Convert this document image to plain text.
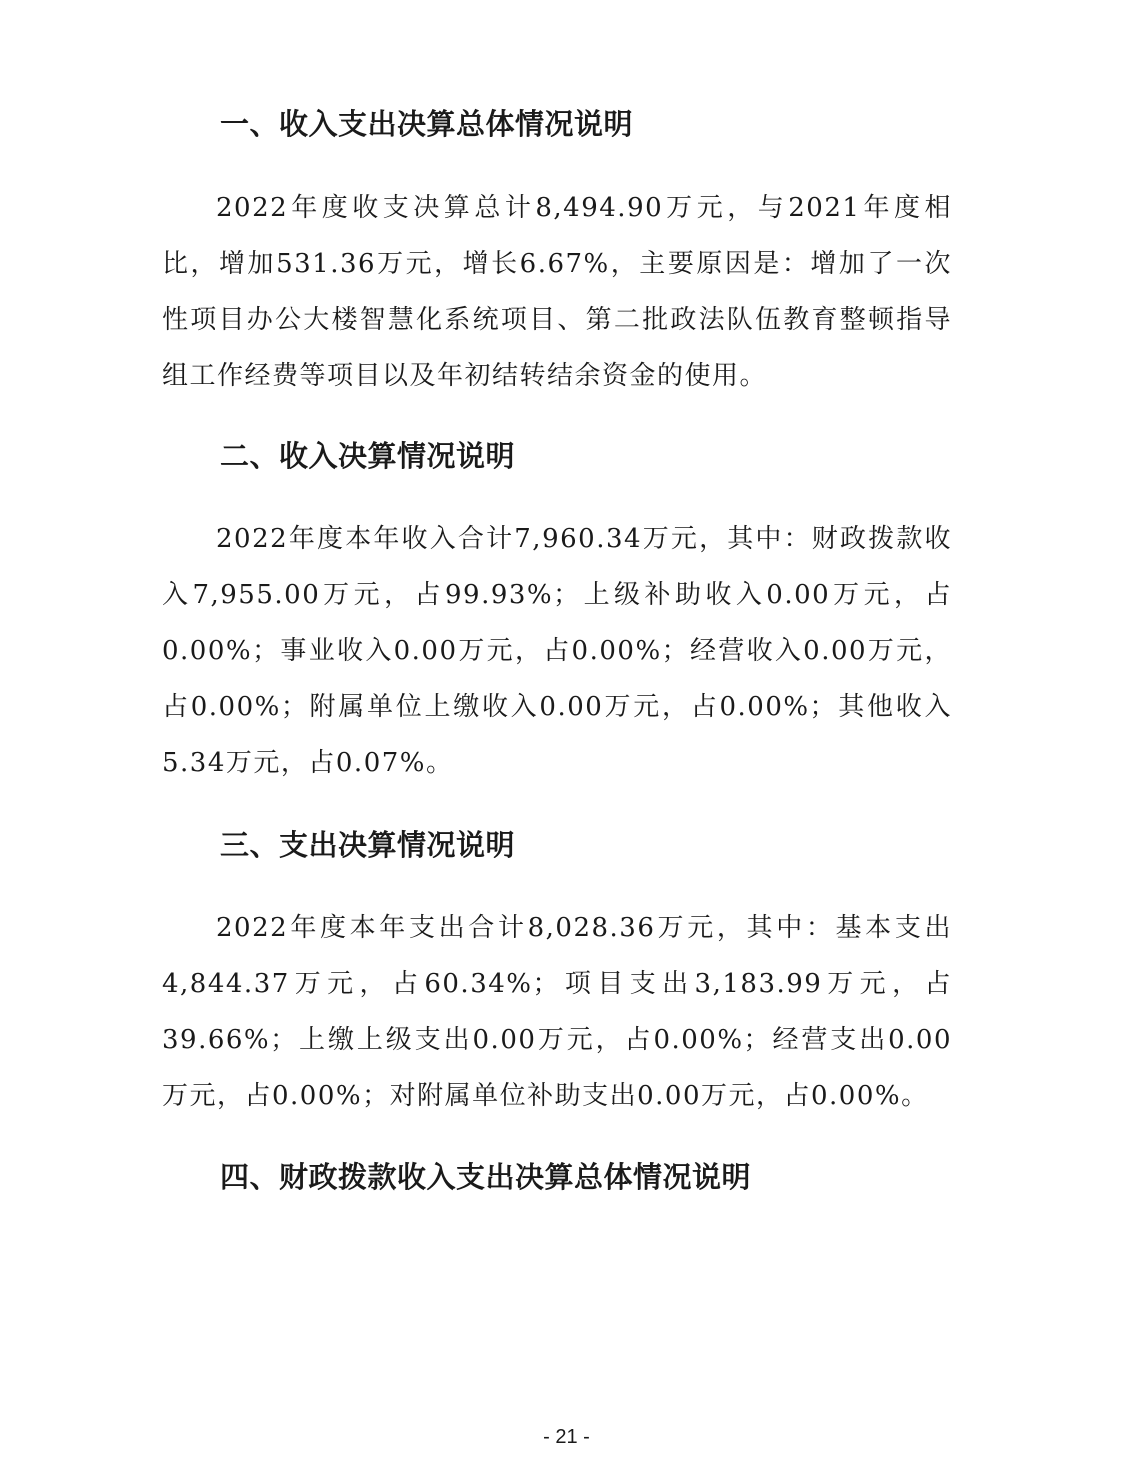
一、收入支出决算总体情况说明

2022年度收支决算总计8,494.90万元，与2021年度相比，增加531.36万元，增长6.67%，主要原因是：增加了一次性项目办公大楼智慧化系统项目、第二批政法队伍教育整顿指导组工作经费等项目以及年初结转结余资金的使用。

二、收入决算情况说明

2022年度本年收入合计7,960.34万元，其中：财政拨款收入7,955.00万元，占99.93%；上级补助收入0.00万元，占0.00%；事业收入0.00万元，占0.00%；经营收入0.00万元，占0.00%；附属单位上缴收入0.00万元，占0.00%；其他收入5.34万元，占0.07%。

三、支出决算情况说明

2022年度本年支出合计8,028.36万元，其中：基本支出4,844.37万元，占60.34%；项目支出3,183.99万元，占39.66%；上缴上级支出0.00万元，占0.00%；经营支出0.00万元，占0.00%；对附属单位补助支出0.00万元，占0.00%。

四、财政拨款收入支出决算总体情况说明
- 21 -
